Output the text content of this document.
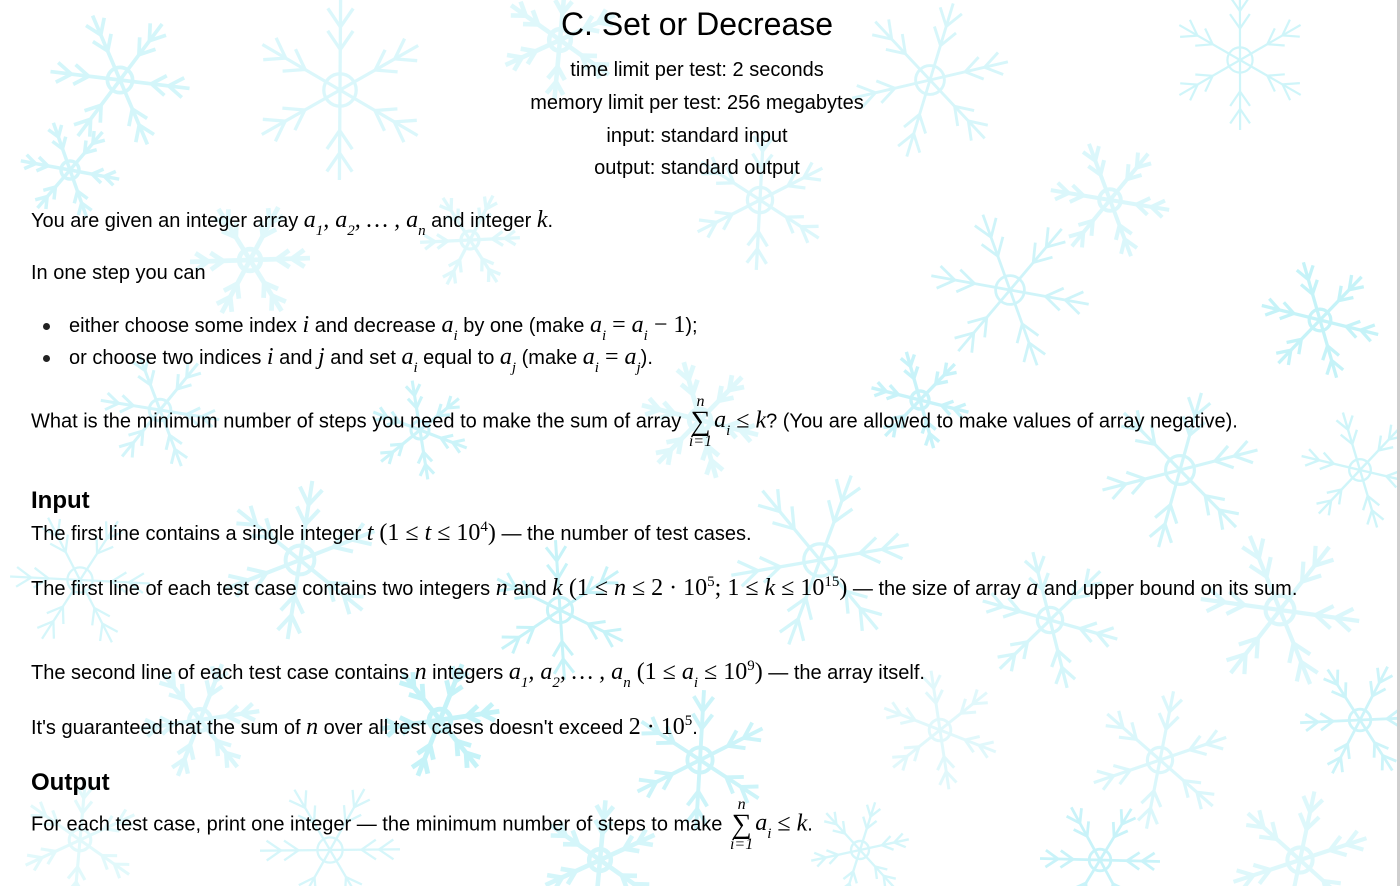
C. Set or Decrease
time limit per test: 2 seconds
memory limit per test: 256 megabytes
input: standard input
output: standard output
You are given an integer array $a_1$, $a_2$, … , $a_n$ and integer k.
In one step you can
either choose some index i and decrease $a_i$ by one (make $a_i = a_i - 1$);
or choose two indices i and j and set $a_i$ equal to $a_j$ (make $a_i = a_j$).
What is the minimum number of steps you need to make the sum of array
n
∑
i=1
$a_i \le k$? (You are allowed to make values of array negative).
Input
The first line contains a single integer t $(1 \le t \le 10^4)$ — the number of test cases.
The first line of each test case contains two integers n and k ($1 \le n \le 2 \cdot 10^5$; $1 \le k \le 10^{15}$) — the size of array a and upper bound on its sum.
The second line of each test case contains n integers $a_1$, $a_2$, … , $a_n$ $(1 \le a_i \le 10^9)$ — the array itself.
It's guaranteed that the sum of n over all test cases doesn't exceed $2 \cdot 10^5$.
Output
For each test case, print one integer — the minimum number of steps to make
n
∑
i=1
$a_i \le k$.
